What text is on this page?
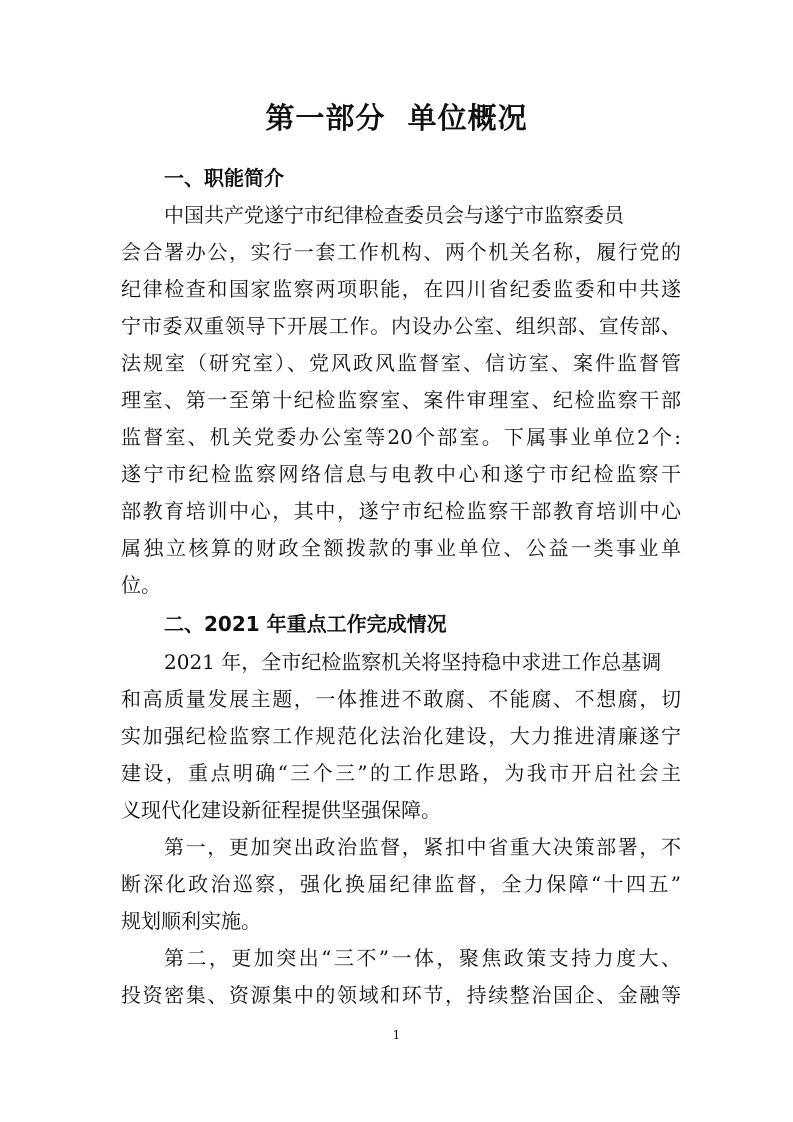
第一部分  单位概况
一、职能简介
中国共产党遂宁市纪律检查委员会与遂宁市监察委员
会合署办公，实行一套工作机构、两个机关名称，履行党的
纪律检查和国家监察两项职能，在四川省纪委监委和中共遂
宁市委双重领导下开展工作。内设办公室、组织部、宣传部、
法规室（研究室）、党风政风监督室、信访室、案件监督管
理室、第一至第十纪检监察室、案件审理室、纪检监察干部
监督室、机关党委办公室等20个部室。下属事业单位2个:
遂宁市纪检监察网络信息与电教中心和遂宁市纪检监察干
部教育培训中心，其中，遂宁市纪检监察干部教育培训中心
属独立核算的财政全额拨款的事业单位、公益一类事业单
位。
二、2021 年重点工作完成情况
2021 年，全市纪检监察机关将坚持稳中求进工作总基调
和高质量发展主题，一体推进不敢腐、不能腐、不想腐，切
实加强纪检监察工作规范化法治化建设，大力推进清廉遂宁
建设，重点明确“三个三”的工作思路，为我市开启社会主
义现代化建设新征程提供坚强保障。
第一，更加突出政治监督，紧扣中省重大决策部署，不
断深化政治巡察，强化换届纪律监督，全力保障“十四五”
规划顺利实施。
第二，更加突出“三不”一体，聚焦政策支持力度大、
投资密集、资源集中的领域和环节，持续整治国企、金融等
1
